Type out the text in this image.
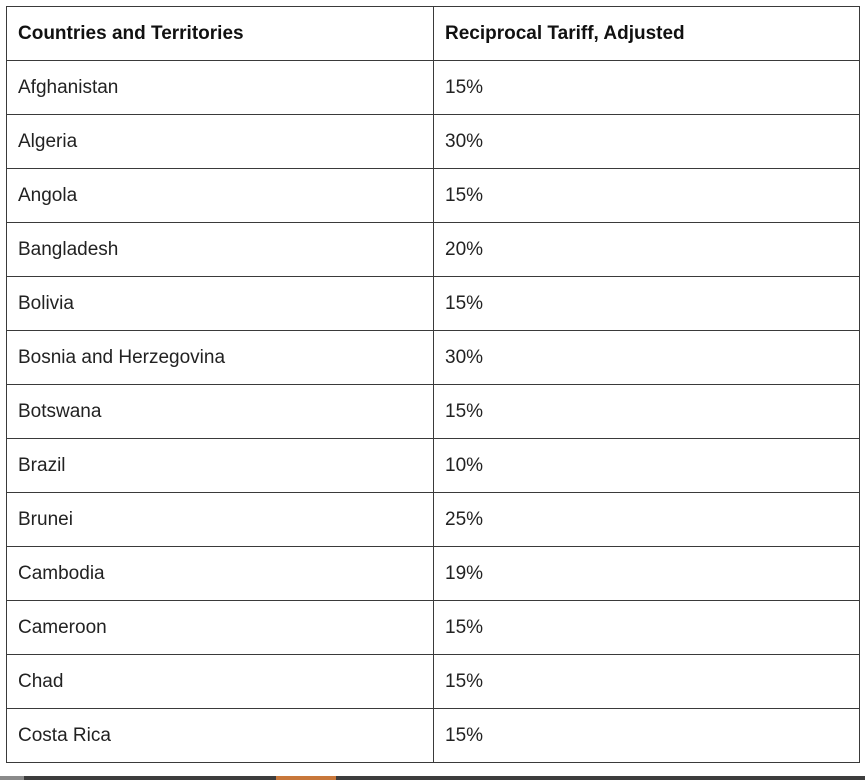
Countries and Territories	Reciprocal Tariff, Adjusted
Afghanistan	15%
Algeria	30%
Angola	15%
Bangladesh	20%
Bolivia	15%
Bosnia and Herzegovina	30%
Botswana	15%
Brazil	10%
Brunei	25%
Cambodia	19%
Cameroon	15%
Chad	15%
Costa Rica	15%
